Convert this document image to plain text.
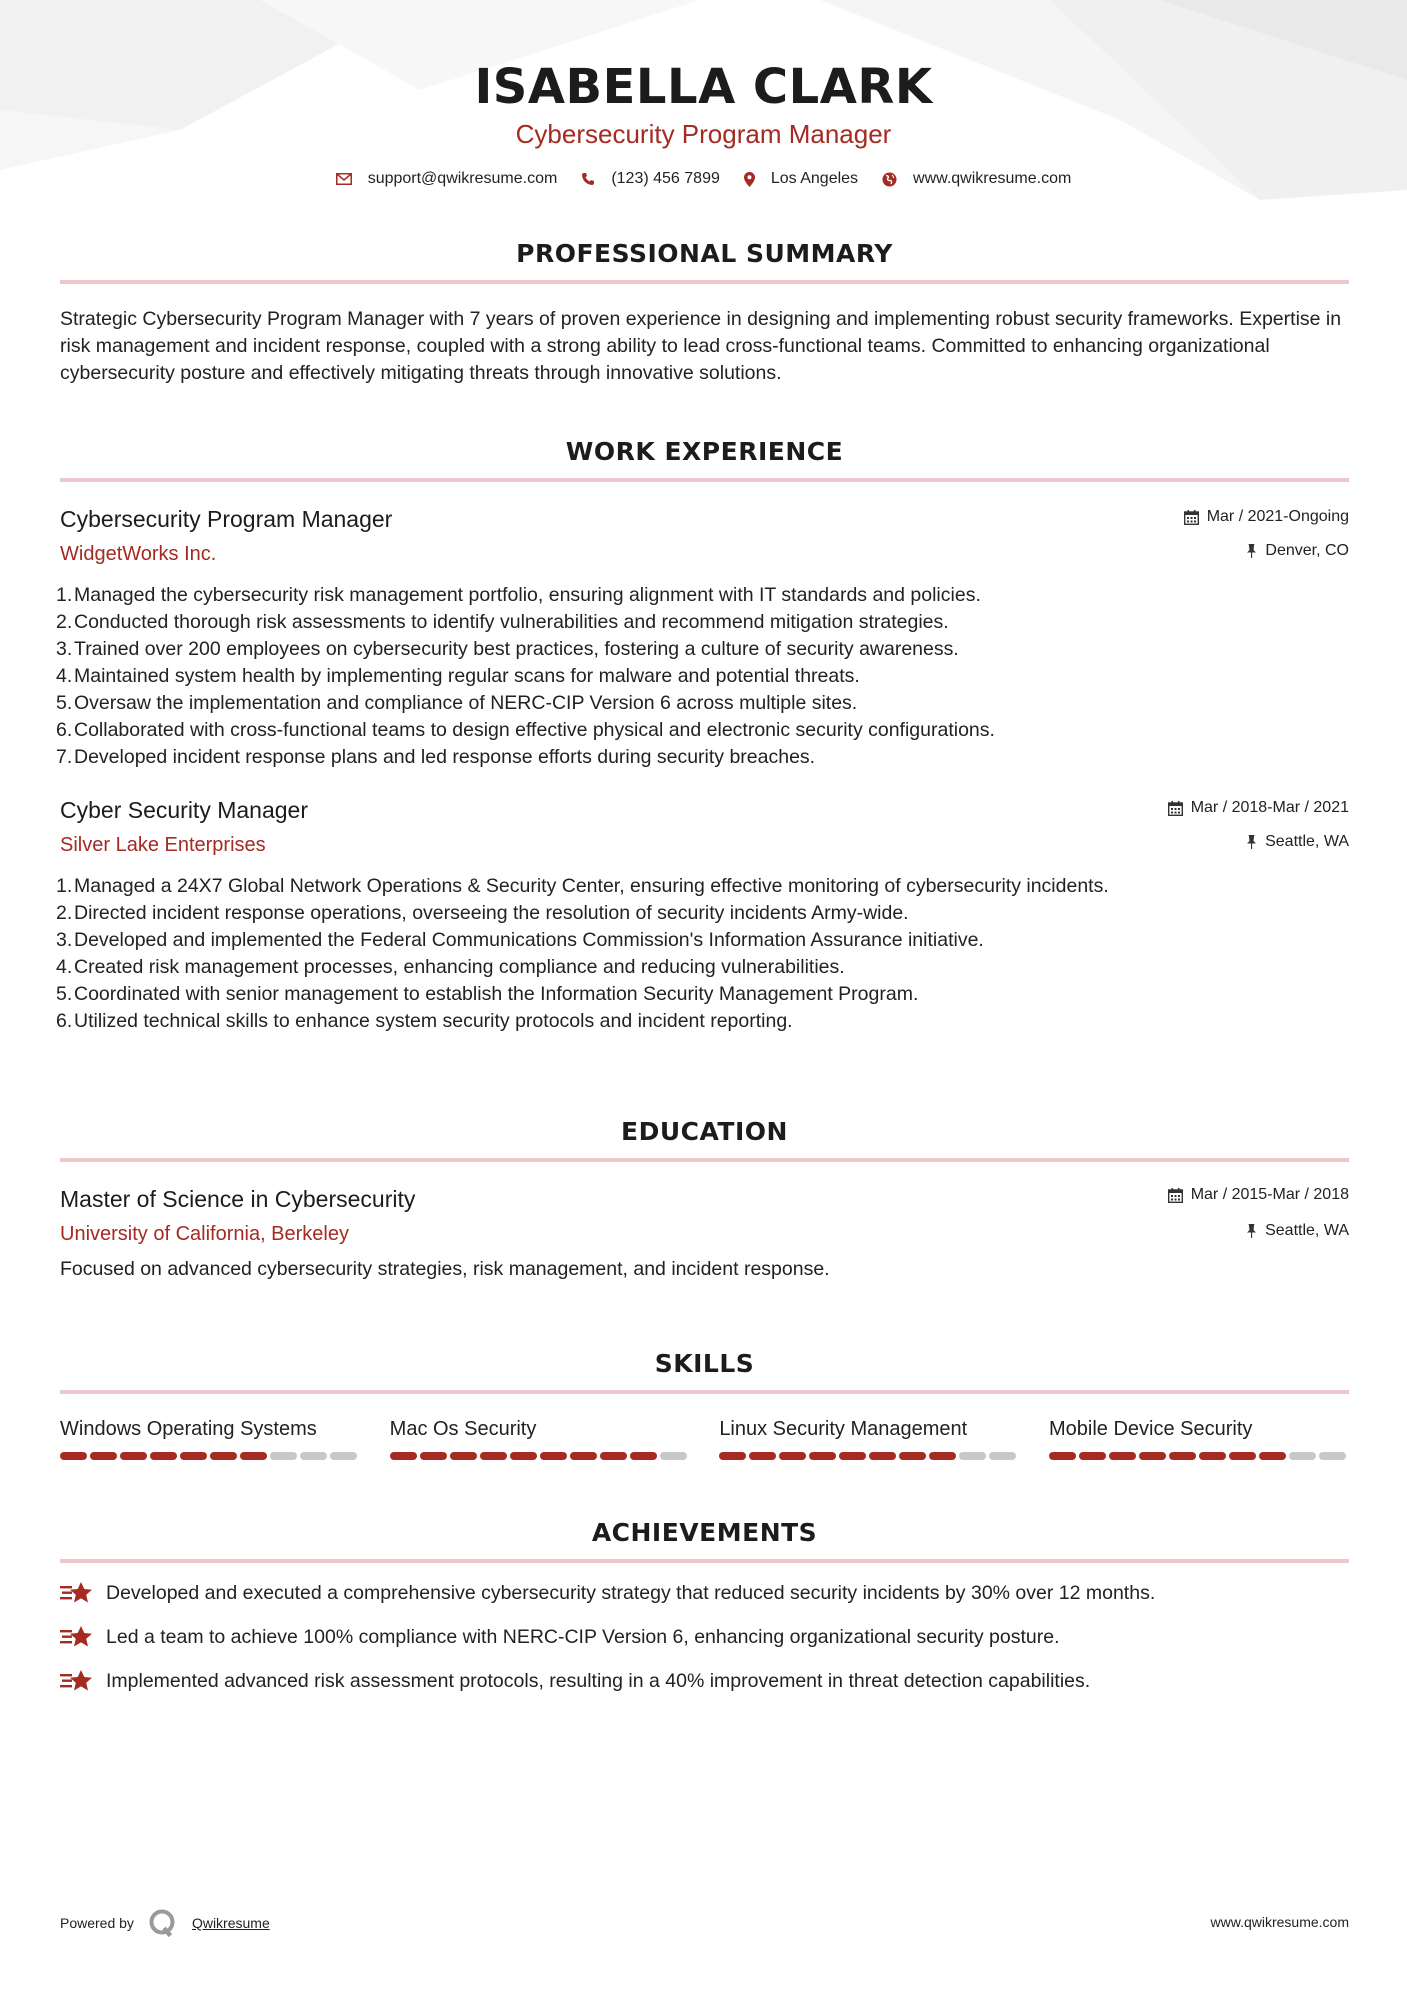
ISABELLA CLARK
Cybersecurity Program Manager
support@qwikresume.com	(123) 456 7899	Los Angeles	www.qwikresume.com
PROFESSIONAL SUMMARY
Strategic Cybersecurity Program Manager with 7 years of proven experience in designing and implementing robust security frameworks. Expertise in risk management and incident response, coupled with a strong ability to lead cross-functional teams. Committed to enhancing organizational cybersecurity posture and effectively mitigating threats through innovative solutions.
WORK EXPERIENCE
Cybersecurity Program Manager	Mar / 2021-Ongoing
WidgetWorks Inc.	Denver, CO
1. Managed the cybersecurity risk management portfolio, ensuring alignment with IT standards and policies.
2. Conducted thorough risk assessments to identify vulnerabilities and recommend mitigation strategies.
3. Trained over 200 employees on cybersecurity best practices, fostering a culture of security awareness.
4. Maintained system health by implementing regular scans for malware and potential threats.
5. Oversaw the implementation and compliance of NERC-CIP Version 6 across multiple sites.
6. Collaborated with cross-functional teams to design effective physical and electronic security configurations.
7. Developed incident response plans and led response efforts during security breaches.
Cyber Security Manager	Mar / 2018-Mar / 2021
Silver Lake Enterprises	Seattle, WA
1. Managed a 24X7 Global Network Operations & Security Center, ensuring effective monitoring of cybersecurity incidents.
2. Directed incident response operations, overseeing the resolution of security incidents Army-wide.
3. Developed and implemented the Federal Communications Commission's Information Assurance initiative.
4. Created risk management processes, enhancing compliance and reducing vulnerabilities.
5. Coordinated with senior management to establish the Information Security Management Program.
6. Utilized technical skills to enhance system security protocols and incident reporting.
EDUCATION
Master of Science in Cybersecurity	Mar / 2015-Mar / 2018
University of California, Berkeley	Seattle, WA
Focused on advanced cybersecurity strategies, risk management, and incident response.
SKILLS
Windows Operating Systems	Mac Os Security	Linux Security Management	Mobile Device Security
ACHIEVEMENTS
Developed and executed a comprehensive cybersecurity strategy that reduced security incidents by 30% over 12 months.
Led a team to achieve 100% compliance with NERC-CIP Version 6, enhancing organizational security posture.
Implemented advanced risk assessment protocols, resulting in a 40% improvement in threat detection capabilities.
Powered by	Qwikresume	www.qwikresume.com
